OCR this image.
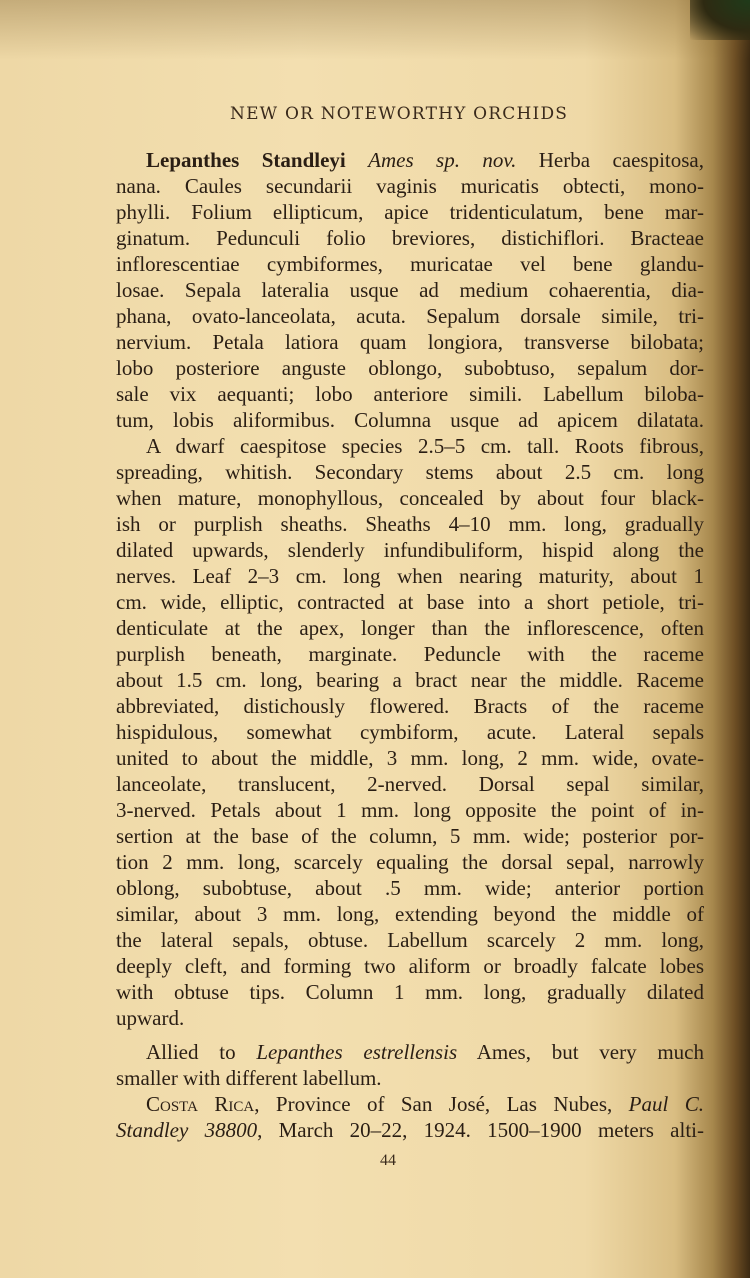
NEW OR NOTEWORTHY ORCHIDS
Lepanthes Standleyi Ames sp. nov. Herba caespitosa,
nana. Caules secundarii vaginis muricatis obtecti, mono-
phylli. Folium ellipticum, apice tridenticulatum, bene mar-
ginatum. Pedunculi folio breviores, distichiflori. Bracteae
inflorescentiae cymbiformes, muricatae vel bene glandu-
losae. Sepala lateralia usque ad medium cohaerentia, dia-
phana, ovato-lanceolata, acuta. Sepalum dorsale simile, tri-
nervium. Petala latiora quam longiora, transverse bilobata;
lobo posteriore anguste oblongo, subobtuso, sepalum dor-
sale vix aequanti; lobo anteriore simili. Labellum biloba-
tum, lobis aliformibus. Columna usque ad apicem dilatata.
A dwarf caespitose species 2.5–5 cm. tall. Roots fibrous,
spreading, whitish. Secondary stems about 2.5 cm. long
when mature, monophyllous, concealed by about four black-
ish or purplish sheaths. Sheaths 4–10 mm. long, gradually
dilated upwards, slenderly infundibuliform, hispid along the
nerves. Leaf 2–3 cm. long when nearing maturity, about 1
cm. wide, elliptic, contracted at base into a short petiole, tri-
denticulate at the apex, longer than the inflorescence, often
purplish beneath, marginate. Peduncle with the raceme
about 1.5 cm. long, bearing a bract near the middle. Raceme
abbreviated, distichously flowered. Bracts of the raceme
hispidulous, somewhat cymbiform, acute. Lateral sepals
united to about the middle, 3 mm. long, 2 mm. wide, ovate-
lanceolate, translucent, 2-nerved. Dorsal sepal similar,
3-nerved. Petals about 1 mm. long opposite the point of in-
sertion at the base of the column, 5 mm. wide; posterior por-
tion 2 mm. long, scarcely equaling the dorsal sepal, narrowly
oblong, subobtuse, about .5 mm. wide; anterior portion
similar, about 3 mm. long, extending beyond the middle of
the lateral sepals, obtuse. Labellum scarcely 2 mm. long,
deeply cleft, and forming two aliform or broadly falcate lobes
with obtuse tips. Column 1 mm. long, gradually dilated
upward.
Allied to Lepanthes estrellensis Ames, but very much
smaller with different labellum.
Costa Rica, Province of San José, Las Nubes, Paul C.
Standley 38800, March 20–22, 1924. 1500–1900 meters alti-
44
